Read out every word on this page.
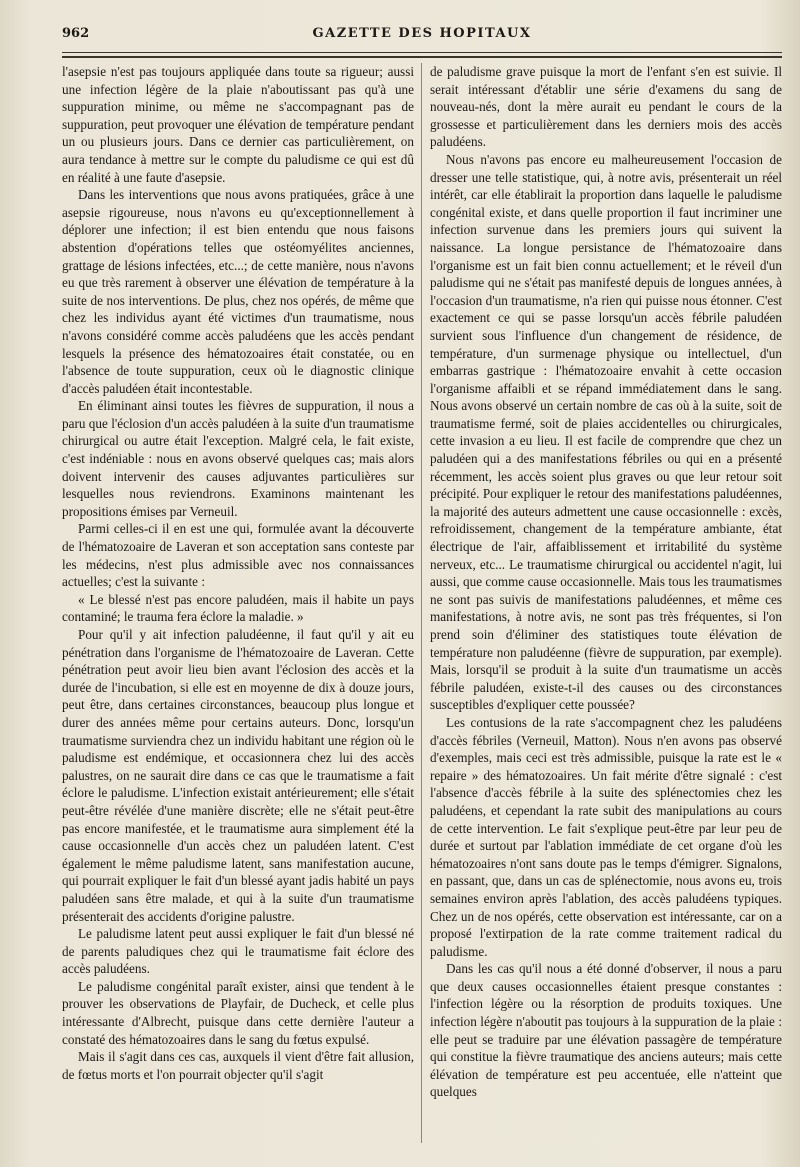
962	GAZETTE DES HOPITAUX

l'asepsie n'est pas toujours appliquée dans toute sa rigueur; aussi une infection légère de la plaie n'aboutissant pas qu'à une suppuration minime, ou même ne s'accompagnant pas de suppuration, peut provoquer une élévation de température pendant un ou plusieurs jours. Dans ce dernier cas particulièrement, on aura tendance à mettre sur le compte du paludisme ce qui est dû en réalité à une faute d'asepsie.

Dans les interventions que nous avons pratiquées, grâce à une asepsie rigoureuse, nous n'avons eu qu'exceptionnellement à déplorer une infection; il est bien entendu que nous faisons abstention d'opérations telles que ostéomyélites anciennes, grattage de lésions infectées, etc...; de cette manière, nous n'avons eu que très rarement à observer une élévation de température à la suite de nos interventions. De plus, chez nos opérés, de même que chez les individus ayant été victimes d'un traumatisme, nous n'avons considéré comme accès paludéens que les accès pendant lesquels la présence des hématozoaires était constatée, ou en l'absence de toute suppuration, ceux où le diagnostic clinique d'accès paludéen était incontestable.

En éliminant ainsi toutes les fièvres de suppuration, il nous a paru que l'éclosion d'un accès paludéen à la suite d'un traumatisme chirurgical ou autre était l'exception. Malgré cela, le fait existe, c'est indéniable : nous en avons observé quelques cas; mais alors doivent intervenir des causes adjuvantes particulières sur lesquelles nous reviendrons. Examinons maintenant les propositions émises par Verneuil.

Parmi celles-ci il en est une qui, formulée avant la découverte de l'hématozoaire de Laveran et son acceptation sans conteste par les médecins, n'est plus admissible avec nos connaissances actuelles; c'est la suivante :

« Le blessé n'est pas encore paludéen, mais il habite un pays contaminé; le trauma fera éclore la maladie. »

Pour qu'il y ait infection paludéenne, il faut qu'il y ait eu pénétration dans l'organisme de l'hématozoaire de Laveran. Cette pénétration peut avoir lieu bien avant l'éclosion des accès et la durée de l'incubation, si elle est en moyenne de dix à douze jours, peut être, dans certaines circonstances, beaucoup plus longue et durer des années même pour certains auteurs. Donc, lorsqu'un traumatisme surviendra chez un individu habitant une région où le paludisme est endémique, et occasionnera chez lui des accès palustres, on ne saurait dire dans ce cas que le traumatisme a fait éclore le paludisme. L'infection existait antérieurement; elle s'était peut-être révélée d'une manière discrète; elle ne s'était peut-être pas encore manifestée, et le traumatisme aura simplement été la cause occasionnelle d'un accès chez un paludéen latent. C'est également le même paludisme latent, sans manifestation aucune, qui pourrait expliquer le fait d'un blessé ayant jadis habité un pays paludéen sans être malade, et qui à la suite d'un traumatisme présenterait des accidents d'origine palustre.

Le paludisme latent peut aussi expliquer le fait d'un blessé né de parents paludiques chez qui le traumatisme fait éclore des accès paludéens.

Le paludisme congénital paraît exister, ainsi que tendent à le prouver les observations de Playfair, de Ducheck, et celle plus intéressante d'Albrecht, puisque dans cette dernière l'auteur a constaté des hématozoaires dans le sang du fœtus expulsé.

Mais il s'agit dans ces cas, auxquels il vient d'être fait allusion, de fœtus morts et l'on pourrait objecter qu'il s'agit

de paludisme grave puisque la mort de l'enfant s'en est suivie. Il serait intéressant d'établir une série d'examens du sang de nouveau-nés, dont la mère aurait eu pendant le cours de la grossesse et particulièrement dans les derniers mois des accès paludéens.

Nous n'avons pas encore eu malheureusement l'occasion de dresser une telle statistique, qui, à notre avis, présenterait un réel intérêt, car elle établirait la proportion dans laquelle le paludisme congénital existe, et dans quelle proportion il faut incriminer une infection survenue dans les premiers jours qui suivent la naissance. La longue persistance de l'hématozoaire dans l'organisme est un fait bien connu actuellement; et le réveil d'un paludisme qui ne s'était pas manifesté depuis de longues années, à l'occasion d'un traumatisme, n'a rien qui puisse nous étonner. C'est exactement ce qui se passe lorsqu'un accès fébrile paludéen survient sous l'influence d'un changement de résidence, de température, d'un surmenage physique ou intellectuel, d'un embarras gastrique : l'hématozoaire envahit à cette occasion l'organisme affaibli et se répand immédiatement dans le sang. Nous avons observé un certain nombre de cas où à la suite, soit de traumatisme fermé, soit de plaies accidentelles ou chirurgicales, cette invasion a eu lieu. Il est facile de comprendre que chez un paludéen qui a des manifestations fébriles ou qui en a présenté récemment, les accès soient plus graves ou que leur retour soit précipité. Pour expliquer le retour des manifestations paludéennes, la majorité des auteurs admettent une cause occasionnelle : excès, refroidissement, changement de la température ambiante, état électrique de l'air, affaiblissement et irritabilité du système nerveux, etc... Le traumatisme chirurgical ou accidentel n'agit, lui aussi, que comme cause occasionnelle. Mais tous les traumatismes ne sont pas suivis de manifestations paludéennes, et même ces manifestations, à notre avis, ne sont pas très fréquentes, si l'on prend soin d'éliminer des statistiques toute élévation de température non paludéenne (fièvre de suppuration, par exemple). Mais, lorsqu'il se produit à la suite d'un traumatisme un accès fébrile paludéen, existe-t-il des causes ou des circonstances susceptibles d'expliquer cette poussée?

Les contusions de la rate s'accompagnent chez les paludéens d'accès fébriles (Verneuil, Matton). Nous n'en avons pas observé d'exemples, mais ceci est très admissible, puisque la rate est le « repaire » des hématozoaires. Un fait mérite d'être signalé : c'est l'absence d'accès fébrile à la suite des splénectomies chez les paludéens, et cependant la rate subit des manipulations au cours de cette intervention. Le fait s'explique peut-être par leur peu de durée et surtout par l'ablation immédiate de cet organe d'où les hématozoaires n'ont sans doute pas le temps d'émigrer. Signalons, en passant, que, dans un cas de splénectomie, nous avons eu, trois semaines environ après l'ablation, des accès paludéens typiques. Chez un de nos opérés, cette observation est intéressante, car on a proposé l'extirpation de la rate comme traitement radical du paludisme.

Dans les cas qu'il nous a été donné d'observer, il nous a paru que deux causes occasionnelles étaient presque constantes : l'infection légère ou la résorption de produits toxiques. Une infection légère n'aboutit pas toujours à la suppuration de la plaie : elle peut se traduire par une élévation passagère de température qui constitue la fièvre traumatique des anciens auteurs; mais cette élévation de température est peu accentuée, elle n'atteint que quelques
